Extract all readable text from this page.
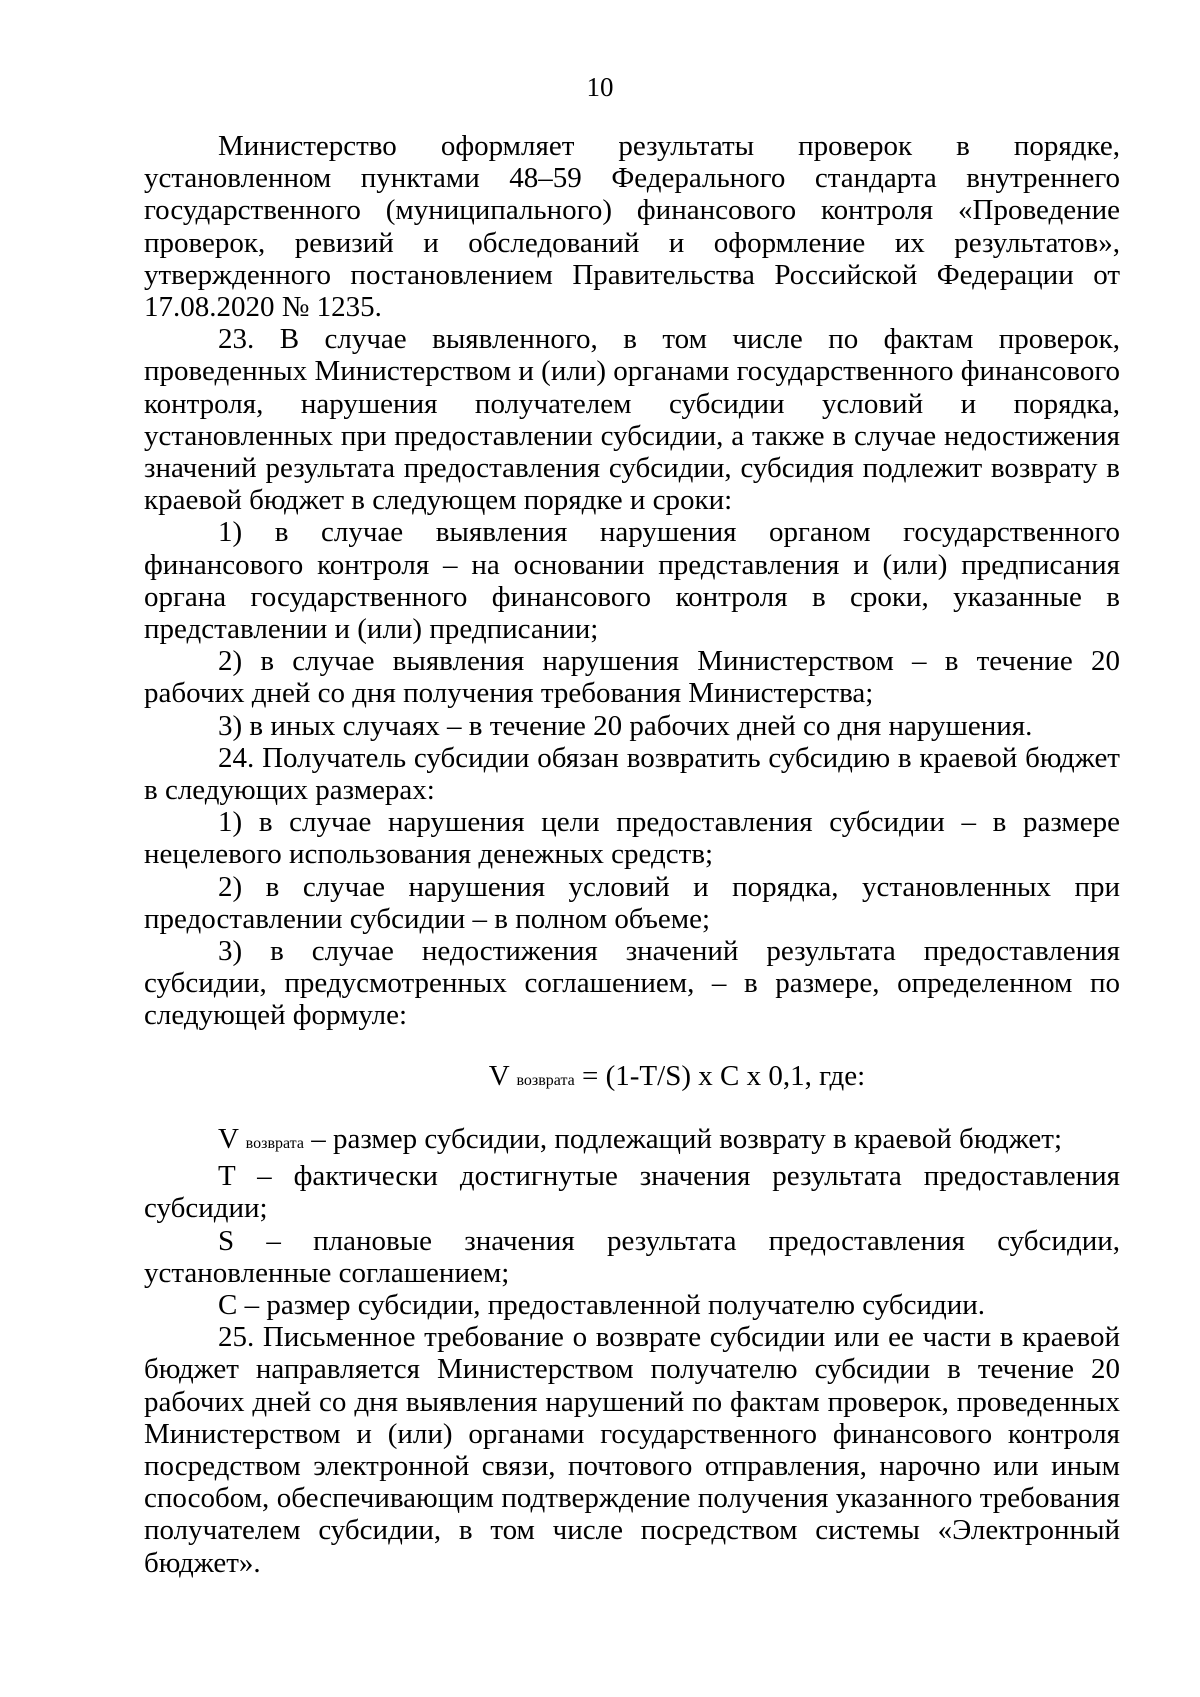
10

Министерство оформляет результаты проверок в порядке, установленном пунктами 48–59 Федерального стандарта внутреннего государственного (муниципального) финансового контроля «Проведение проверок, ревизий и обследований и оформление их результатов», утвержденного постановлением Правительства Российской Федерации от 17.08.2020 № 1235.

23. В случае выявленного, в том числе по фактам проверок, проведенных Министерством и (или) органами государственного финансового контроля, нарушения получателем субсидии условий и порядка, установленных при предоставлении субсидии, а также в случае недостижения значений результата предоставления субсидии, субсидия подлежит возврату в краевой бюджет в следующем порядке и сроки:

1) в случае выявления нарушения органом государственного финансового контроля – на основании представления и (или) предписания органа государственного финансового контроля в сроки, указанные в представлении и (или) предписании;

2) в случае выявления нарушения Министерством – в течение 20 рабочих дней со дня получения требования Министерства;

3) в иных случаях – в течение 20 рабочих дней со дня нарушения.

24. Получатель субсидии обязан возвратить субсидию в краевой бюджет в следующих размерах:

1) в случае нарушения цели предоставления субсидии – в размере нецелевого использования денежных средств;

2) в случае нарушения условий и порядка, установленных при предоставлении субсидии – в полном объеме;

3) в случае недостижения значений результата предоставления субсидии, предусмотренных соглашением, – в размере, определенном по следующей формуле:

V возврата = (1-T/S) x C x 0,1, где:

V возврата – размер субсидии, подлежащий возврату в краевой бюджет;

T – фактически достигнутые значения результата предоставления субсидии;

S – плановые значения результата предоставления субсидии, установленные соглашением;

C – размер субсидии, предоставленной получателю субсидии.

25. Письменное требование о возврате субсидии или ее части в краевой бюджет направляется Министерством получателю субсидии в течение 20 рабочих дней со дня выявления нарушений по фактам проверок, проведенных Министерством и (или) органами государственного финансового контроля посредством электронной связи, почтового отправления, нарочно или иным способом, обеспечивающим подтверждение получения указанного требования получателем субсидии, в том числе посредством системы «Электронный бюджет».
